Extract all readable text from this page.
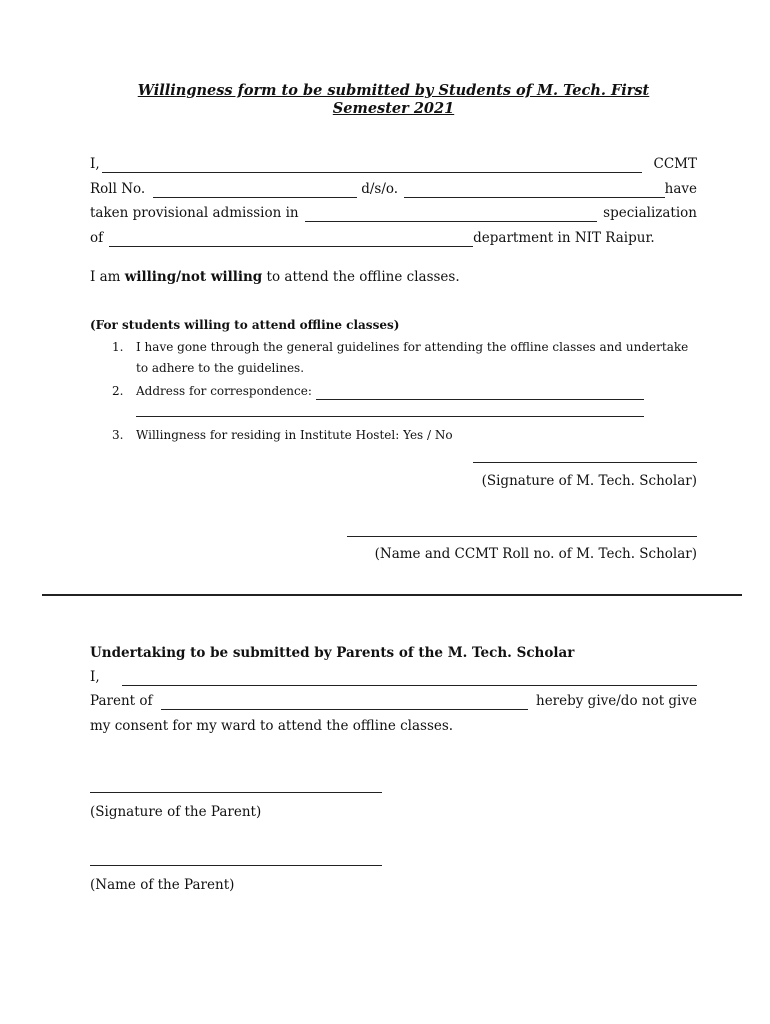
Willingness form to be submitted by Students of M. Tech. First
Semester 2021
I,	CCMT
Roll No.	d/s/o.	have
taken provisional admission in	specialization
of	department in NIT Raipur.
I am willing/not willing to attend the offline classes.
(For students willing to attend offline classes)
1. I have gone through the general guidelines for attending the offline classes and undertake
to adhere to the guidelines.
2. Address for correspondence:
3. Willingness for residing in Institute Hostel: Yes / No
(Signature of M. Tech. Scholar)
(Name and CCMT Roll no. of M. Tech. Scholar)
Undertaking to be submitted by Parents of the M. Tech. Scholar
I,
Parent of	hereby give/do not give
my consent for my ward to attend the offline classes.
(Signature of the Parent)
(Name of the Parent)
